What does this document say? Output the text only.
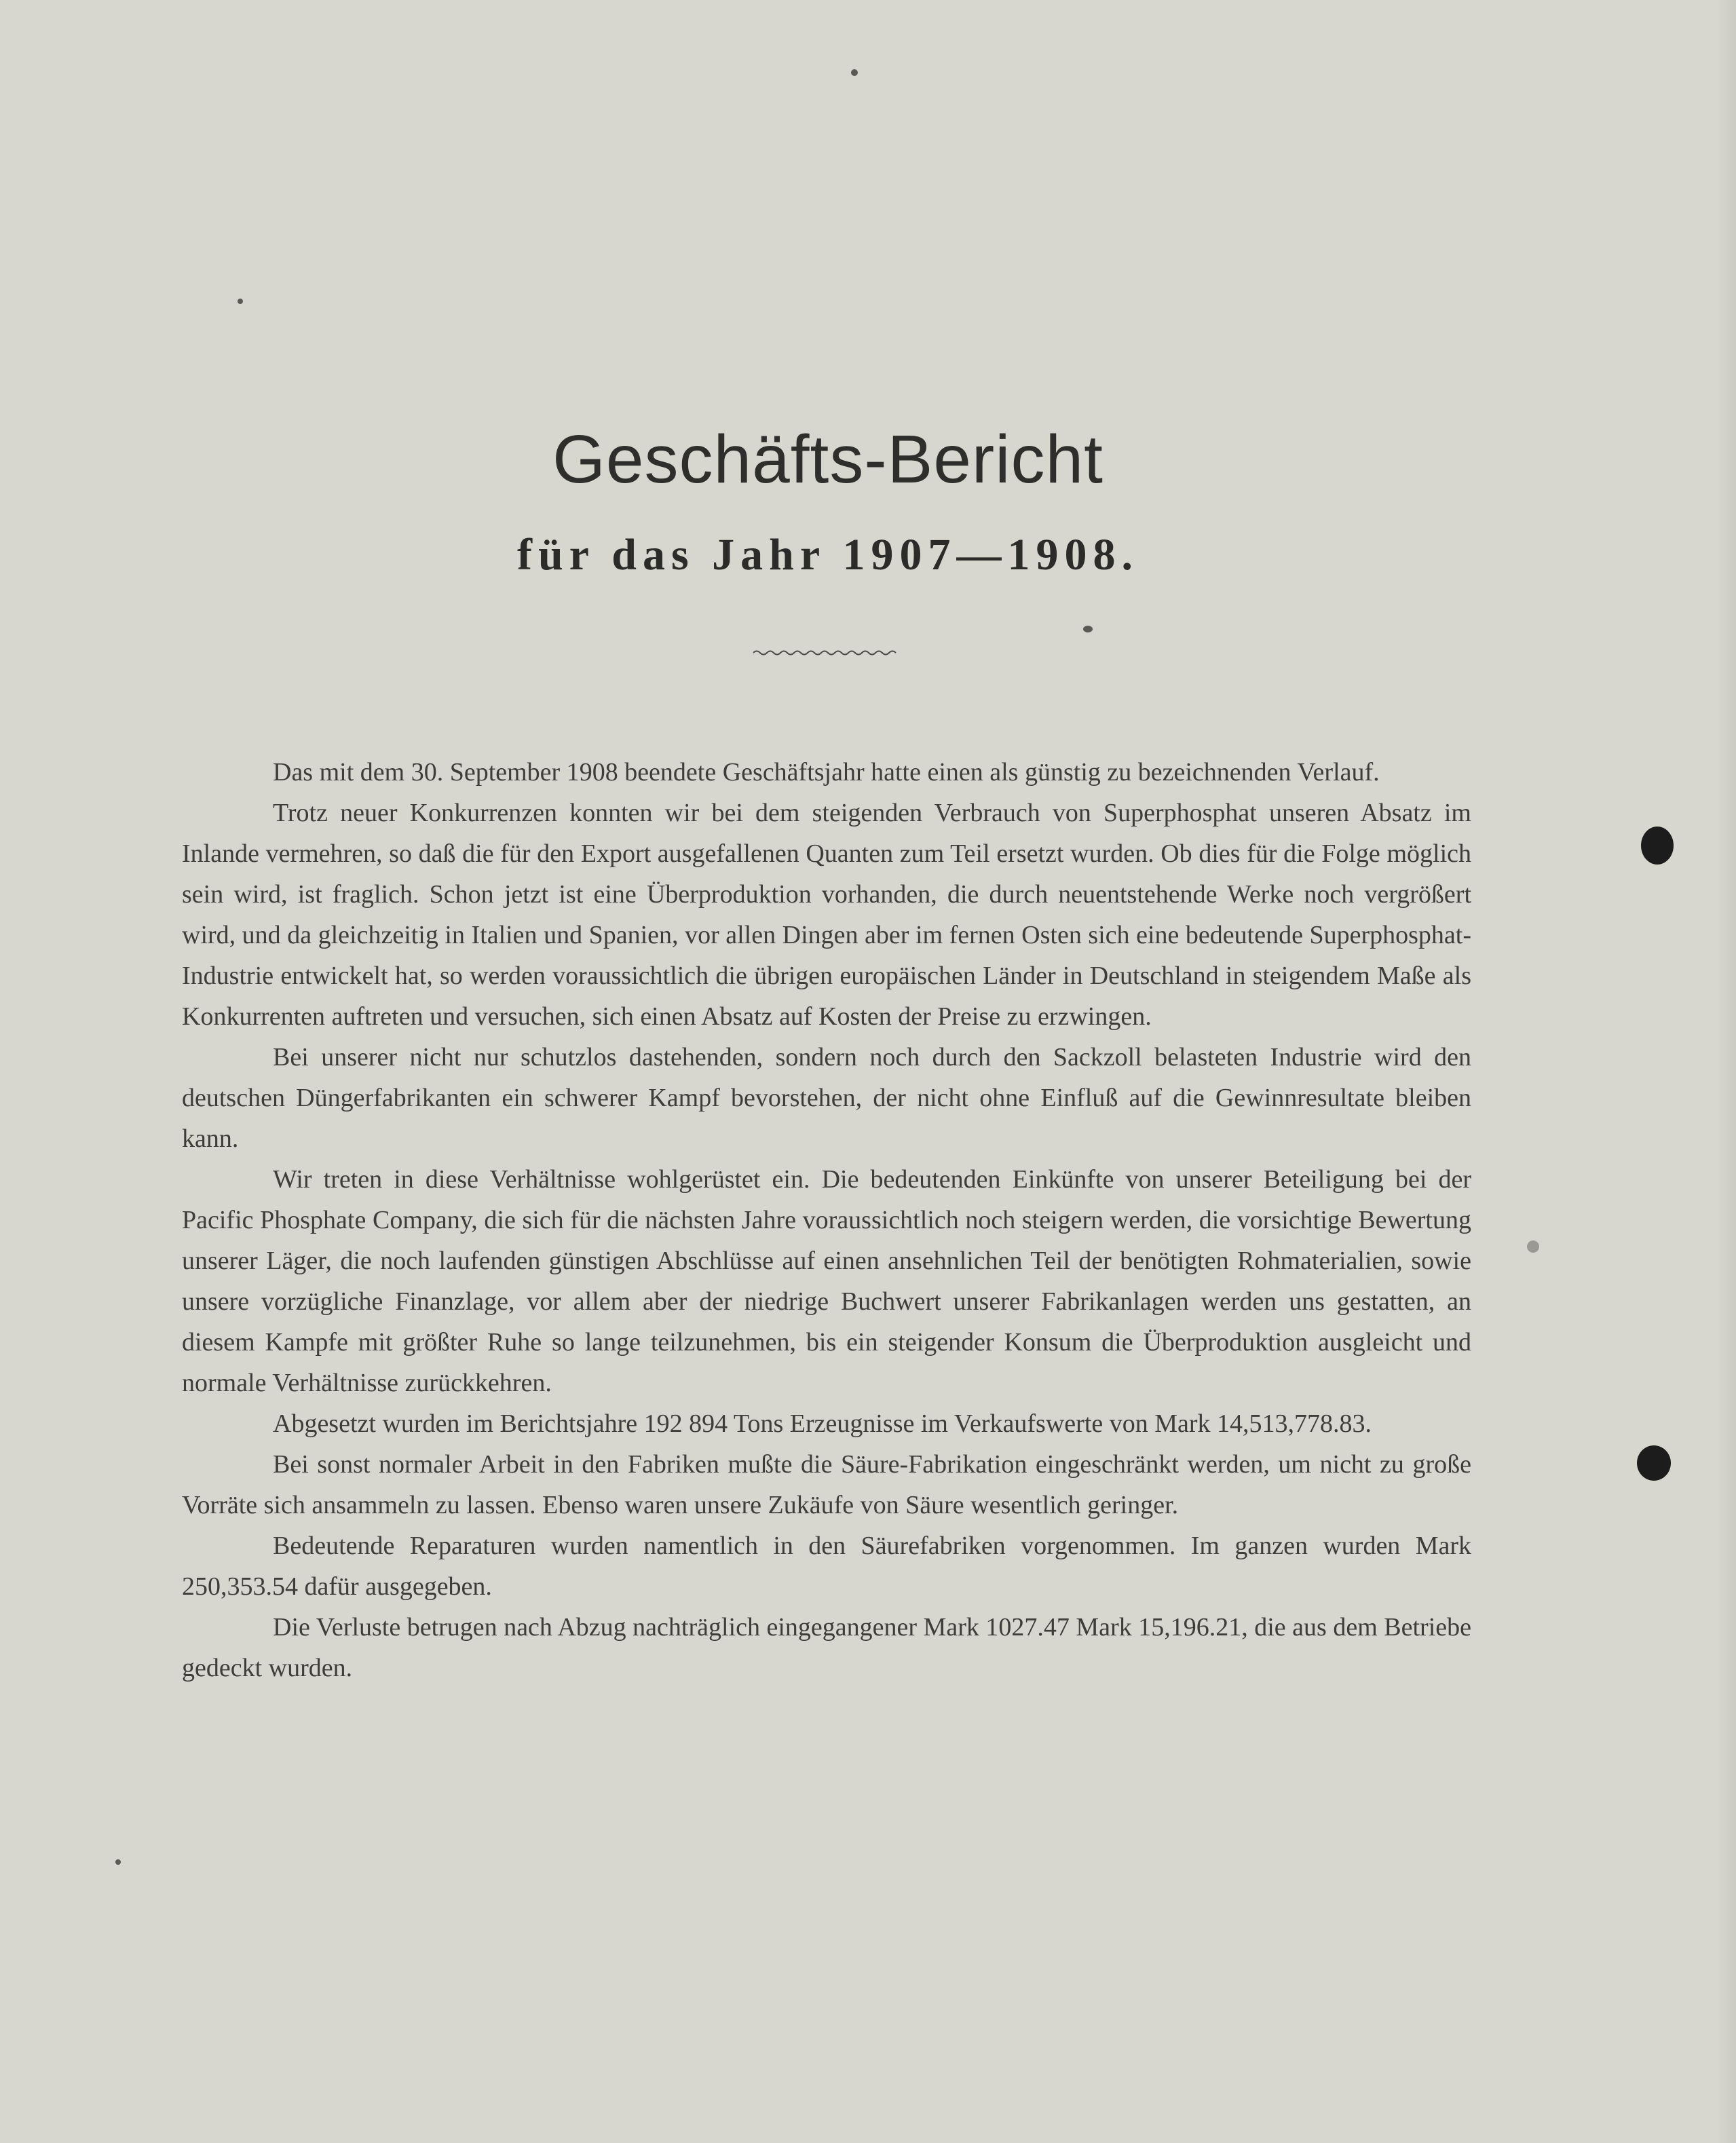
Geschäfts-Bericht
für das Jahr 1907—1908.

Das mit dem 30. September 1908 beendete Geschäftsjahr hatte einen als günstig zu bezeichnenden Verlauf.

Trotz neuer Konkurrenzen konnten wir bei dem steigenden Verbrauch von Superphosphat unseren Absatz im Inlande vermehren, so daß die für den Export ausgefallenen Quanten zum Teil ersetzt wurden. Ob dies für die Folge möglich sein wird, ist fraglich. Schon jetzt ist eine Überproduktion vorhanden, die durch neuentstehende Werke noch vergrößert wird, und da gleichzeitig in Italien und Spanien, vor allen Dingen aber im fernen Osten sich eine bedeutende Superphosphat-Industrie entwickelt hat, so werden voraussichtlich die übrigen europäischen Länder in Deutschland in steigendem Maße als Konkurrenten auftreten und versuchen, sich einen Absatz auf Kosten der Preise zu erzwingen.

Bei unserer nicht nur schutzlos dastehenden, sondern noch durch den Sackzoll belasteten Industrie wird den deutschen Düngerfabrikanten ein schwerer Kampf bevorstehen, der nicht ohne Einfluß auf die Gewinnresultate bleiben kann.

Wir treten in diese Verhältnisse wohlgerüstet ein. Die bedeutenden Einkünfte von unserer Beteiligung bei der Pacific Phosphate Company, die sich für die nächsten Jahre voraussichtlich noch steigern werden, die vorsichtige Bewertung unserer Läger, die noch laufenden günstigen Abschlüsse auf einen ansehnlichen Teil der benötigten Rohmaterialien, sowie unsere vorzügliche Finanzlage, vor allem aber der niedrige Buchwert unserer Fabrikanlagen werden uns gestatten, an diesem Kampfe mit größter Ruhe so lange teilzunehmen, bis ein steigender Konsum die Überproduktion ausgleicht und normale Verhältnisse zurückkehren.

Abgesetzt wurden im Berichtsjahre 192 894 Tons Erzeugnisse im Verkaufswerte von Mark 14,513,778.83.

Bei sonst normaler Arbeit in den Fabriken mußte die Säure-Fabrikation eingeschränkt werden, um nicht zu große Vorräte sich ansammeln zu lassen. Ebenso waren unsere Zukäufe von Säure wesentlich geringer.

Bedeutende Reparaturen wurden namentlich in den Säurefabriken vorgenommen. Im ganzen wurden Mark 250,353.54 dafür ausgegeben.

Die Verluste betrugen nach Abzug nachträglich eingegangener Mark 1027.47 Mark 15,196.21, die aus dem Betriebe gedeckt wurden.
